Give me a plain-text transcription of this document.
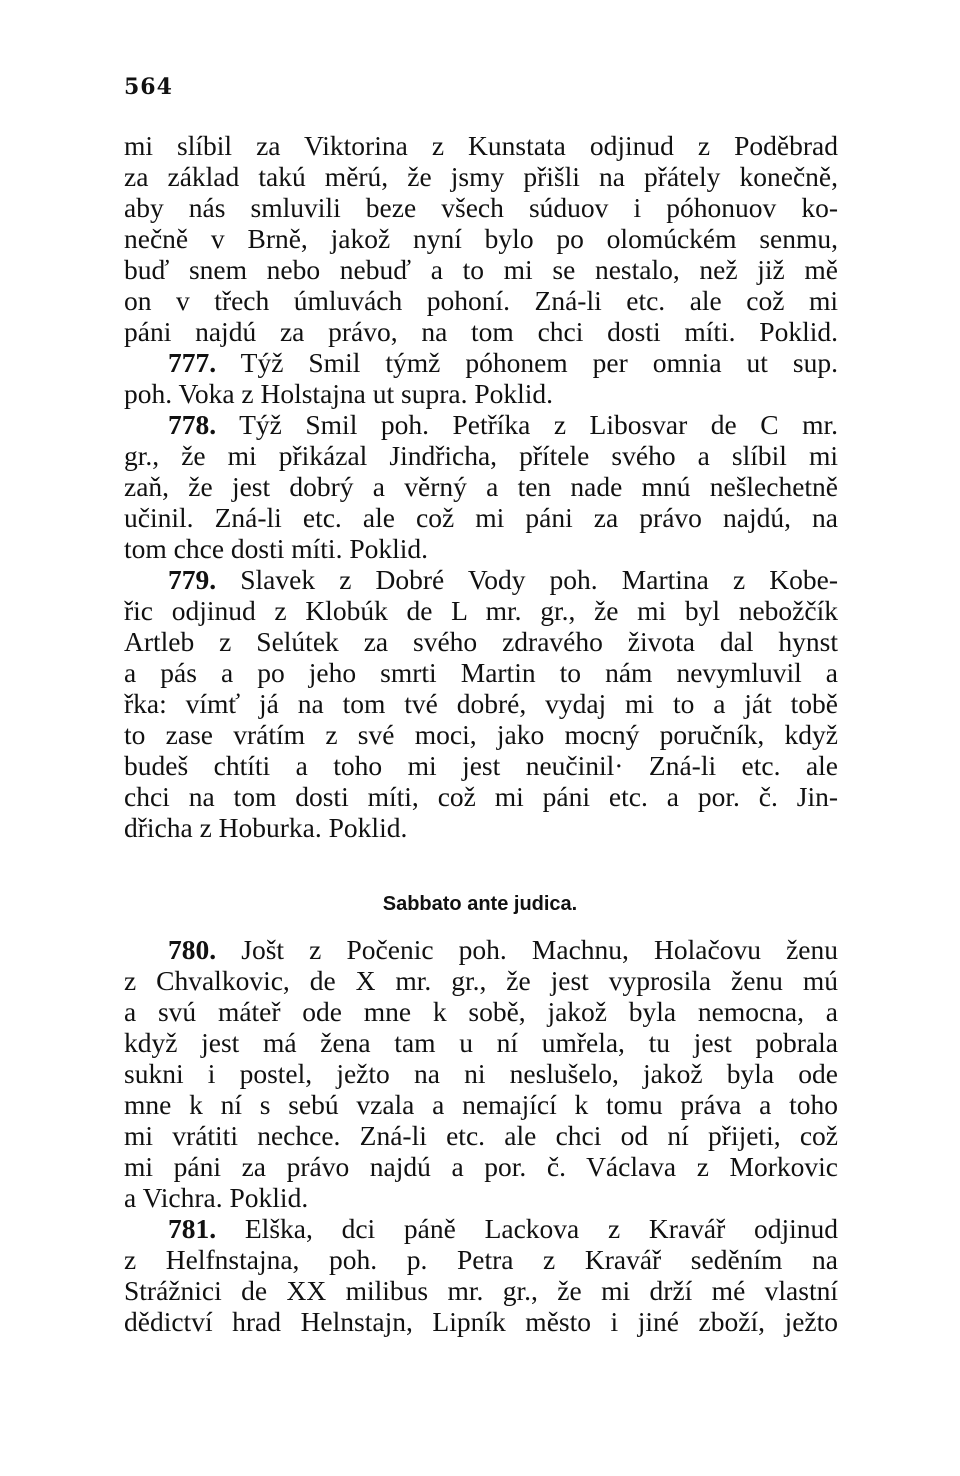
564
mi slíbil za Viktorina z Kunstata odjinud z Poděbrad
za základ takú měrú, že jsmy přišli na přátely konečně,
aby nás smluvili beze všech súduov i póhonuov ko-
nečně v Brně, jakož nyní bylo po olomúckém senmu,
buď snem nebo nebuď a to mi se nestalo, než již mě
on v třech úmluvách pohoní. Zná-li etc. ale což mi
páni najdú za právo, na tom chci dosti míti. Poklid.
777. Týž Smil týmž póhonem per omnia ut sup.
poh. Voka z Holstajna ut supra. Poklid.
778. Týž Smil poh. Petříka z Libosvar de C mr.
gr., že mi přikázal Jindřicha, přítele svého a slíbil mi
zaň, že jest dobrý a věrný a ten nade mnú nešlechetně
učinil. Zná-li etc. ale což mi páni za právo najdú, na
tom chce dosti míti. Poklid.
779. Slavek z Dobré Vody poh. Martina z Kobe-
řic odjinud z Klobúk de L mr. gr., že mi byl nebožčík
Artleb z Selútek za svého zdravého života dal hynst
a pás a po jeho smrti Martin to nám nevymluvil a
řka: vímť já na tom tvé dobré, vydaj mi to a ját tobě
to zase vrátím z své moci, jako mocný poručník, když
budeš chtíti a toho mi jest neučinil· Zná-li etc. ale
chci na tom dosti míti, což mi páni etc. a por. č. Jin-
dřicha z Hoburka. Poklid.
Sabbato ante judica.
780. Jošt z Počenic poh. Machnu, Holačovu ženu
z Chvalkovic, de X mr. gr., že jest vyprosila ženu mú
a svú máteř ode mne k sobě, jakož byla nemocna, a
když jest má žena tam u ní umřela, tu jest pobrala
sukni i postel, ježto na ni neslušelo, jakož byla ode
mne k ní s sebú vzala a nemající k tomu práva a toho
mi vrátiti nechce. Zná-li etc. ale chci od ní přijeti, což
mi páni za právo najdú a por. č. Václava z Morkovic
a Vichra. Poklid.
781. Elška, dci páně Lackova z Kravář odjinud
z Helfnstajna, poh. p. Petra z Kravář seděním na
Strážnici de XX milibus mr. gr., že mi drží mé vlastní
dědictví hrad Helnstajn, Lipník město i jiné zboží, ježto
